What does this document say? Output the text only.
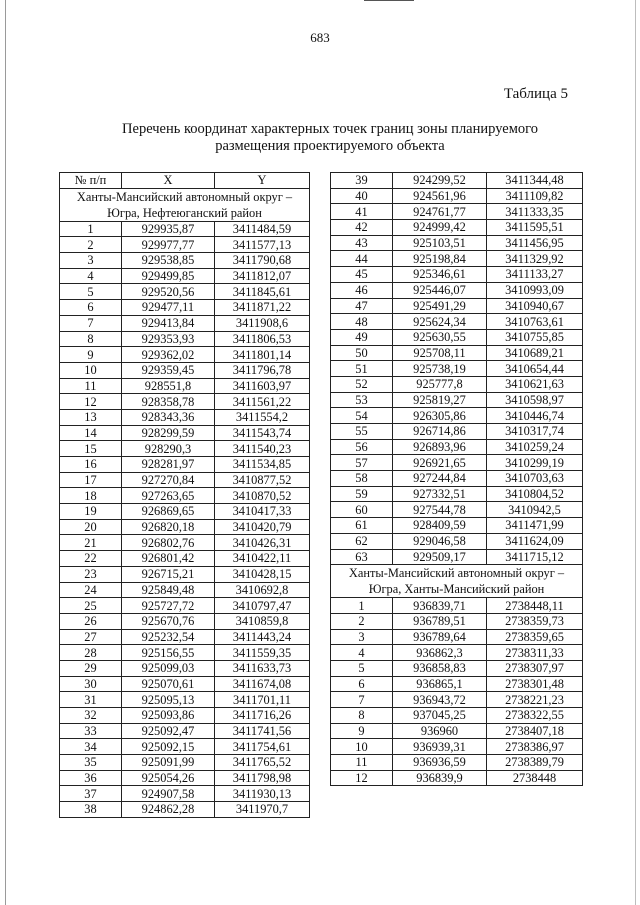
683
Таблица 5
Перечень координат характерных точек границ зоны планируемого
размещения проектируемого объекта
№ п/п	X	Y

Ханты-Мансийский автономный округ –
Югра, Нефтеюганский район		

1	929935,87	3411484,59
2	929977,77	3411577,13
3	929538,85	3411790,68
4	929499,85	3411812,07
5	929520,56	3411845,61
6	929477,11	3411871,22
7	929413,84	3411908,6
8	929353,93	3411806,53
9	929362,02	3411801,14
10	929359,45	3411796,78
11	928551,8	3411603,97
12	928358,78	3411561,22
13	928343,36	3411554,2
14	928299,59	3411543,74
15	928290,3	3411540,23
16	928281,97	3411534,85
17	927270,84	3410877,52
18	927263,65	3410870,52
19	926869,65	3410417,33
20	926820,18	3410420,79
21	926802,76	3410426,31
22	926801,42	3410422,11
23	926715,21	3410428,15
24	925849,48	3410692,8
25	925727,72	3410797,47
26	925670,76	3410859,8
27	925232,54	3411443,24
28	925156,55	3411559,35
29	925099,03	3411633,73
30	925070,61	3411674,08
31	925095,13	3411701,11
32	925093,86	3411716,26
33	925092,47	3411741,56
34	925092,15	3411754,61
35	925091,99	3411765,52
36	925054,26	3411798,98
37	924907,58	3411930,13
38	924862,28	3411970,7
39	924299,52	3411344,48
40	924561,96	3411109,82
41	924761,77	3411333,35
42	924999,42	3411595,51
43	925103,51	3411456,95
44	925198,84	3411329,92
45	925346,61	3411133,27
46	925446,07	3410993,09
47	925491,29	3410940,67
48	925624,34	3410763,61
49	925630,55	3410755,85
50	925708,11	3410689,21
51	925738,19	3410654,44
52	925777,8	3410621,63
53	925819,27	3410598,97
54	926305,86	3410446,74
55	926714,86	3410317,74
56	926893,96	3410259,24
57	926921,65	3410299,19
58	927244,84	3410703,63
59	927332,51	3410804,52
60	927544,78	3410942,5
61	928409,59	3411471,99
62	929046,58	3411624,09
63	929509,17	3411715,12

Ханты-Мансийский автономный округ –
Югра, Ханты-Мансийский район		

1	936839,71	2738448,11
2	936789,51	2738359,73
3	936789,64	2738359,65
4	936862,3	2738311,33
5	936858,83	2738307,97
6	936865,1	2738301,48
7	936943,72	2738221,23
8	937045,25	2738322,55
9	936960	2738407,18
10	936939,31	2738386,97
11	936936,59	2738389,79
12	936839,9	2738448
